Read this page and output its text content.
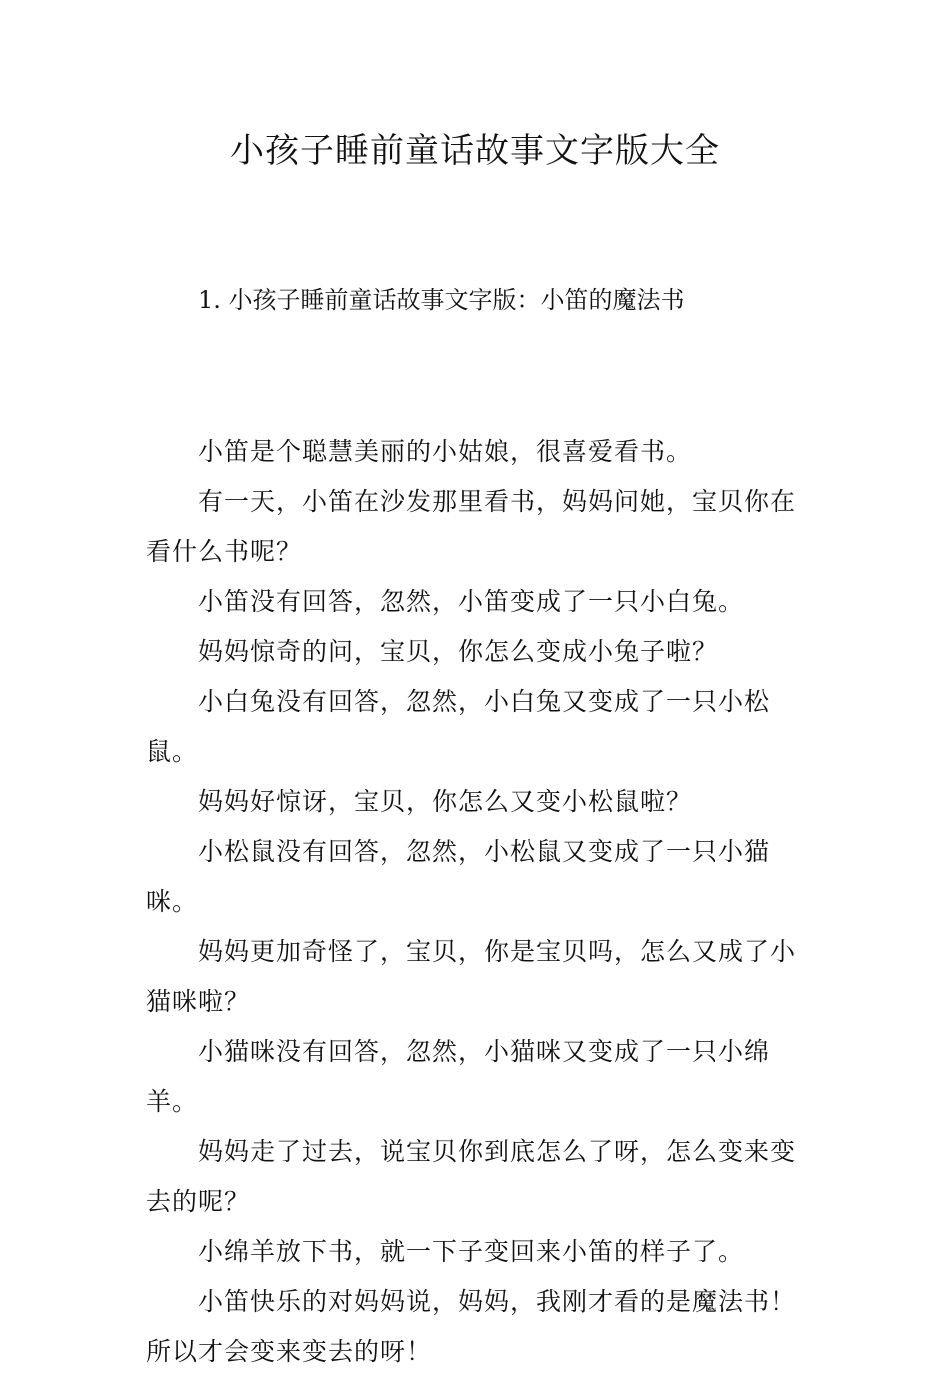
小孩子睡前童话故事文字版大全
1. 小孩子睡前童话故事文字版：小笛的魔法书

小笛是个聪慧美丽的小姑娘，很喜爱看书。

有一天，小笛在沙发那里看书，妈妈问她，宝贝你在看什么书呢？

小笛没有回答，忽然，小笛变成了一只小白兔。

妈妈惊奇的问，宝贝，你怎么变成小兔子啦？

小白兔没有回答，忽然，小白兔又变成了一只小松鼠。

妈妈好惊讶，宝贝，你怎么又变小松鼠啦？

小松鼠没有回答，忽然，小松鼠又变成了一只小猫咪。

妈妈更加奇怪了，宝贝，你是宝贝吗，怎么又成了小猫咪啦？

小猫咪没有回答，忽然，小猫咪又变成了一只小绵羊。

妈妈走了过去，说宝贝你到底怎么了呀，怎么变来变去的呢？

小绵羊放下书，就一下子变回来小笛的样子了。

小笛快乐的对妈妈说，妈妈，我刚才看的是魔法书！所以才会变来变去的呀！
